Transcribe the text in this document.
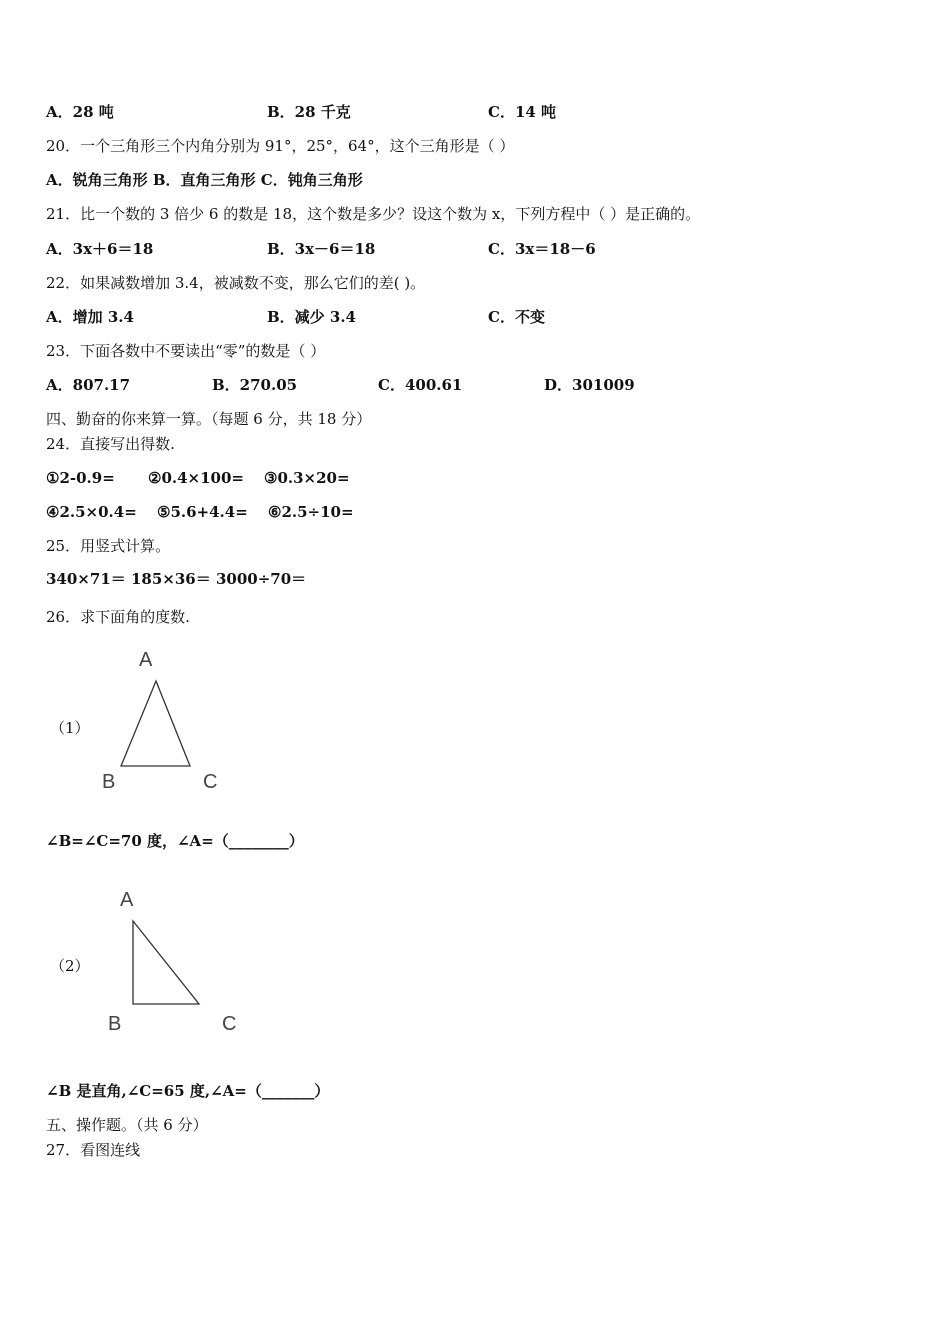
A．28 吨	B．28 千克	C．14 吨
20．一个三角形三个内角分别为 91°，25°，64°，这个三角形是（ ）
A．锐角三角形 B．直角三角形 C．钝角三角形
21．比一个数的 3 倍少 6 的数是 18，这个数是多少？设这个数为 x，下列方程中（ ）是正确的。
A．3x＋6＝18	B．3x－6＝18	C．3x＝18－6
22．如果减数增加 3.4，被减数不变，那么它们的差( )。
A．增加 3.4	B．减少 3.4	C．不变
23．下面各数中不要读出“零”的数是（ ）
A．807.17	B．270.05	C．400.61	D．301009
四、勤奋的你来算一算。（每题 6 分，共 18 分）
24．直接写出得数.
①2-0.9= ②0.4×100= ③0.3×20=
④2.5×0.4= ⑤5.6+4.4= ⑥2.5÷10=
25．用竖式计算。
340×71＝ 185×36＝ 3000÷70＝
26．求下面角的度数.
（1）
A
B	C
∠B=∠C=70 度，∠A=（________）
（2）
A
B	C
∠B 是直角,∠C=65 度,∠A=（_______）
五、操作题。（共 6 分）
27．看图连线
